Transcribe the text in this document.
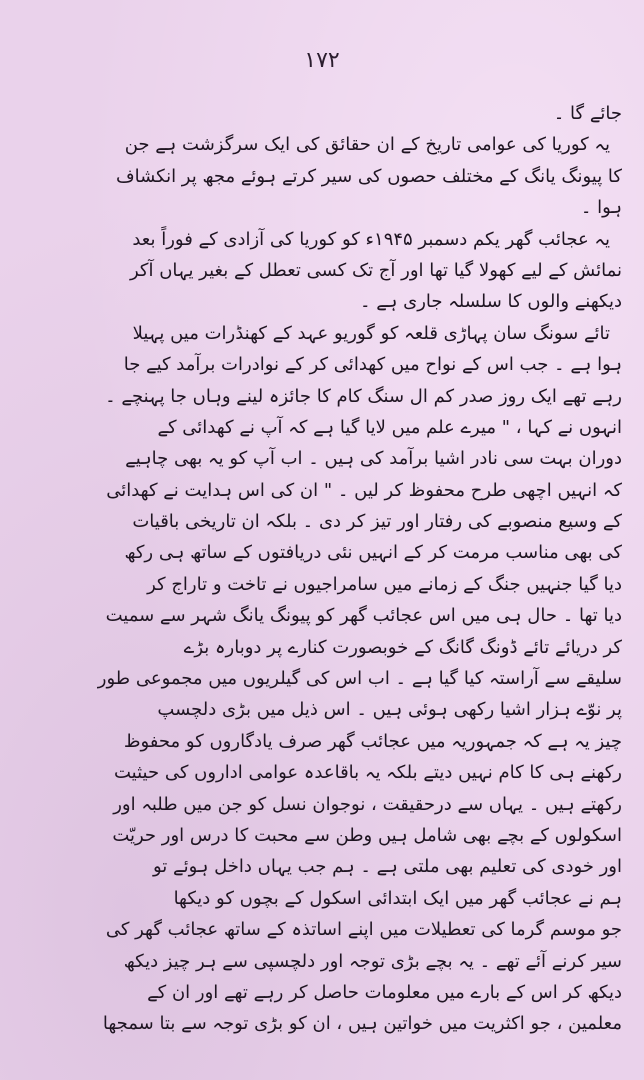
۱۷۲
جائے گا ۔
یہ کوریا کی عوامی تاریخ کے ان حقائق کی ایک سرگزشت ہے جن
کا پیونگ یانگ کے مختلف حصوں کی سیر کرتے ہوئے مجھ پر انکشاف
ہوا ۔
یہ عجائب گھر یکم دسمبر ۱۹۴۵ء کو کوریا کی آزادی کے فوراً بعد
نمائش کے لیے کھولا گیا تھا اور آج تک کسی تعطل کے بغیر یہاں آکر
دیکھنے والوں کا سلسلہ جاری ہے ۔
تائے سونگ سان پہاڑی قلعہ کو گوریو عہد کے کھنڈرات میں پہیلا
ہوا ہے ۔ جب اس کے نواح میں کھدائی کر کے نوادرات برآمد کیے جا
رہے تھے ایک روز صدر کم ال سنگ کام کا جائزہ لینے وہاں جا پہنچے ۔
انہوں نے کہا ، " میرے علم میں لایا گیا ہے کہ آپ نے کھدائی کے
دوران بہت سی نادر اشیا برآمد کی ہیں ۔ اب آپ کو یہ بھی چاہیے
کہ انہیں اچھی طرح محفوظ کر لیں ۔ " ان کی اس ہدایت نے کھدائی
کے وسیع منصوبے کی رفتار اور تیز کر دی ۔ بلکہ ان تاریخی باقیات
کی بھی مناسب مرمت کر کے انہیں نئی دریافتوں کے ساتھ ہی رکھ
دیا گیا جنہیں جنگ کے زمانے میں سامراجیوں نے تاخت و تاراج کر
دیا تھا ۔ حال ہی میں اس عجائب گھر کو پیونگ یانگ شہر سے سمیت
کر دریائے تائے ڈونگ گانگ کے خوبصورت کنارے پر دوبارہ بڑے
سلیقے سے آراستہ کیا گیا ہے ۔ اب اس کی گیلریوں میں مجموعی طور
پر نوّے ہزار اشیا رکھی ہوئی ہیں ۔ اس ذیل میں بڑی دلچسپ
چیز یہ ہے کہ جمہوریہ میں عجائب گھر صرف یادگاروں کو محفوظ
رکھنے ہی کا کام نہیں دیتے بلکہ یہ باقاعدہ عوامی اداروں کی حیثیت
رکھتے ہیں ۔ یہاں سے درحقیقت ، نوجوان نسل کو جن میں طلبہ اور
اسکولوں کے بچے بھی شامل ہیں وطن سے محبت کا درس اور حریّت
اور خودی کی تعلیم بھی ملتی ہے ۔ ہم جب یہاں داخل ہوئے تو
ہم نے عجائب گھر میں ایک ابتدائی اسکول کے بچوں کو دیکھا
جو موسم گرما کی تعطیلات میں اپنے اساتذہ کے ساتھ عجائب گھر کی
سیر کرنے آئے تھے ۔ یہ بچے بڑی توجہ اور دلچسپی سے ہر چیز دیکھ
دیکھ کر اس کے بارے میں معلومات حاصل کر رہے تھے اور ان کے
معلمین ، جو اکثریت میں خواتین ہیں ، ان کو بڑی توجہ سے بتا سمجھا
